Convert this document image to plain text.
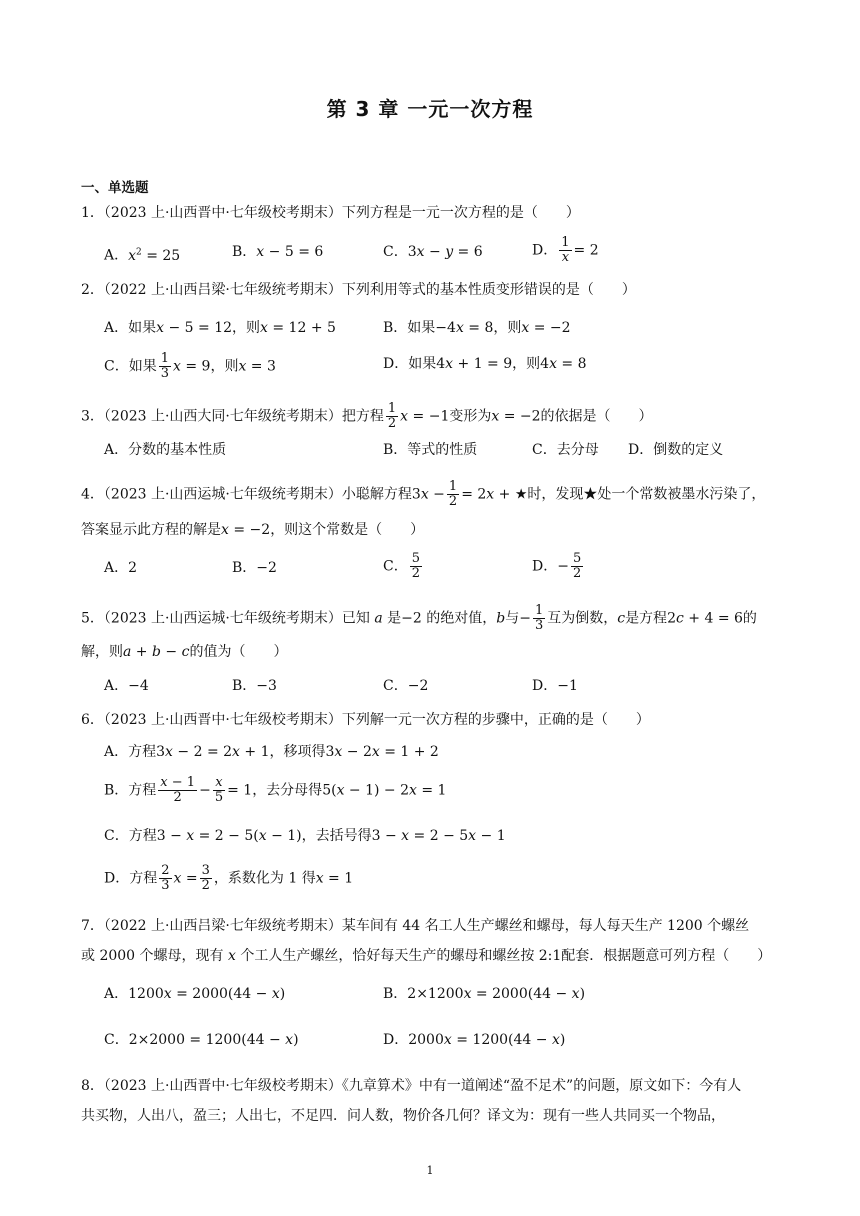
第 3 章 一元一次方程
一、单选题
1．（2023 上·山西晋中·七年级校考期末）下列方程是一元一次方程的是（　　）
A．$x^2 = 25$	B．x − 5 = 6	C．3x − y = 6	D． $\frac{1}{x} = 2$
2．（2022 上·山西吕梁·七年级统考期末）下列利用等式的基本性质变形错误的是（　　）
A．如果x − 5 = 12，则x = 12 + 5	B．如果−4x = 8，则x = −2
C．如果 $\frac{1}{3}$ x = 9，则x = 3	D．如果4x + 1 = 9，则4x = 8
3．（2023 上·山西大同·七年级统考期末）把方程 $\frac{1}{2}$ x = −1变形为x = −2的依据是（　　）
A．分数的基本性质	B．等式的性质	C．去分母 D．倒数的定义
4．（2023 上·山西运城·七年级统考期末）小聪解方程$3x - \frac{1}{2} = 2x$ + ★时，发现★处一个常数被墨水污染了，
答案显示此方程的解是x = −2，则这个常数是（　　）
A．2	B．−2	C． $\frac{5}{2}$	D．− $\frac{5}{2}$
5．（2023 上·山西运城·七年级统考期末）已知 a 是−2 的绝对值，b与− $\frac{1}{3}$ 互为倒数，c是方程2c + 4 = 6的
解，则a + b − c的值为（　　）
A．−4	B．−3	C．−2	D．−1
6．（2023 上·山西晋中·七年级校考期末）下列解一元一次方程的步骤中，正确的是（　　）
A．方程3x − 2 = 2x + 1，移项得3x − 2x = 1 + 2
B．方程 $\frac{x - 1}{2} - \frac{x}{5} = 1$，去分母得5(x − 1) − 2x = 1
C．方程3 − x = 2 − 5(x − 1)，去括号得3 − x = 2 − 5x − 1
D．方程 $\frac{2}{3}$ $x = \frac{3}{2}$ ，系数化为 1 得x = 1
7．（2022 上·山西吕梁·七年级统考期末）某车间有 44 名工人生产螺丝和螺母，每人每天生产 1200 个螺丝
或 2000 个螺母，现有 x 个工人生产螺丝，恰好每天生产的螺母和螺丝按 2:1配套．根据题意可列方程（　　）
A．1200x = 2000(44 − x)	B．2×1200x = 2000(44 − x)
C．2×2000 = 1200(44 − x)	D．2000x = 1200(44 − x)
8．（2023 上·山西晋中·七年级校考期末）《九章算术》中有一道阐述“盈不足术”的问题，原文如下：今有人
共买物，人出八，盈三；人出七，不足四．问人数，物价各几何？译文为：现有一些人共同买一个物品，
1
